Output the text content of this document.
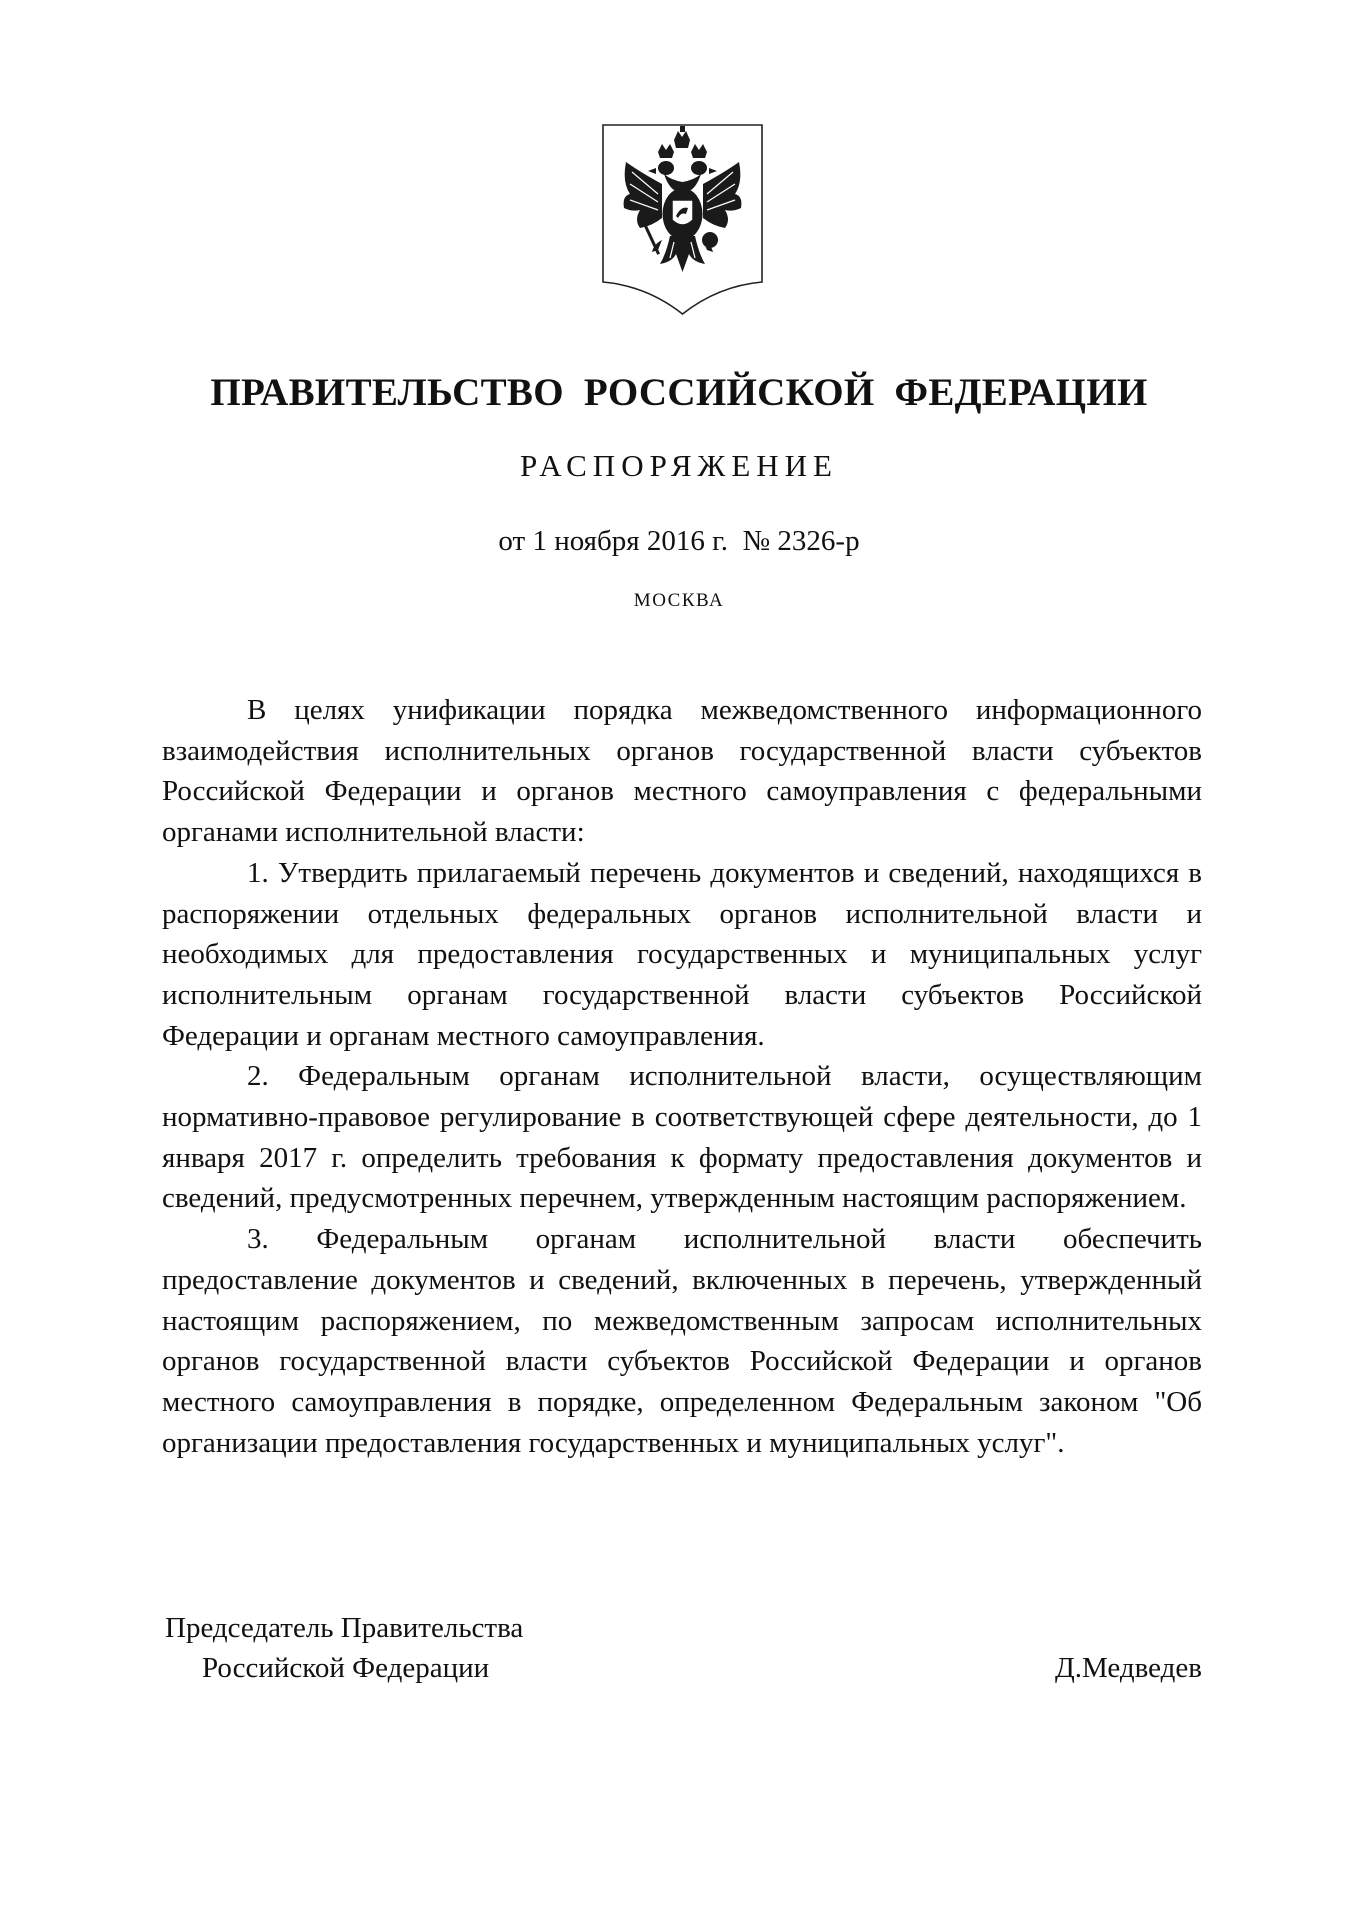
ПРАВИТЕЛЬСТВО РОССИЙСКОЙ ФЕДЕРАЦИИ
РАСПОРЯЖЕНИЕ
от 1 ноября 2016 г.  № 2326-р
МОСКВА

В целях унификации порядка межведомственного информационного взаимодействия исполнительных органов государственной власти субъектов Российской Федерации и органов местного самоуправления с федеральными органами исполнительной власти:

1. Утвердить прилагаемый перечень документов и сведений, находящихся в распоряжении отдельных федеральных органов исполнительной власти и необходимых для предоставления государственных и муниципальных услуг исполнительным органам государственной власти субъектов Российской Федерации и органам местного самоуправления.

2. Федеральным органам исполнительной власти, осуществляющим нормативно-правовое регулирование в соответствующей сфере деятельности, до 1 января 2017 г. определить требования к формату предоставления документов и сведений, предусмотренных перечнем, утвержденным настоящим распоряжением.

3. Федеральным органам исполнительной власти обеспечить предоставление документов и сведений, включенных в перечень, утвержденный настоящим распоряжением, по межведомственным запросам исполнительных органов государственной власти субъектов Российской Федерации и органов местного самоуправления в порядке, определенном Федеральным законом "Об организации предоставления государственных и муниципальных услуг".

Председатель Правительства
Российской Федерации	Д.Медведев
